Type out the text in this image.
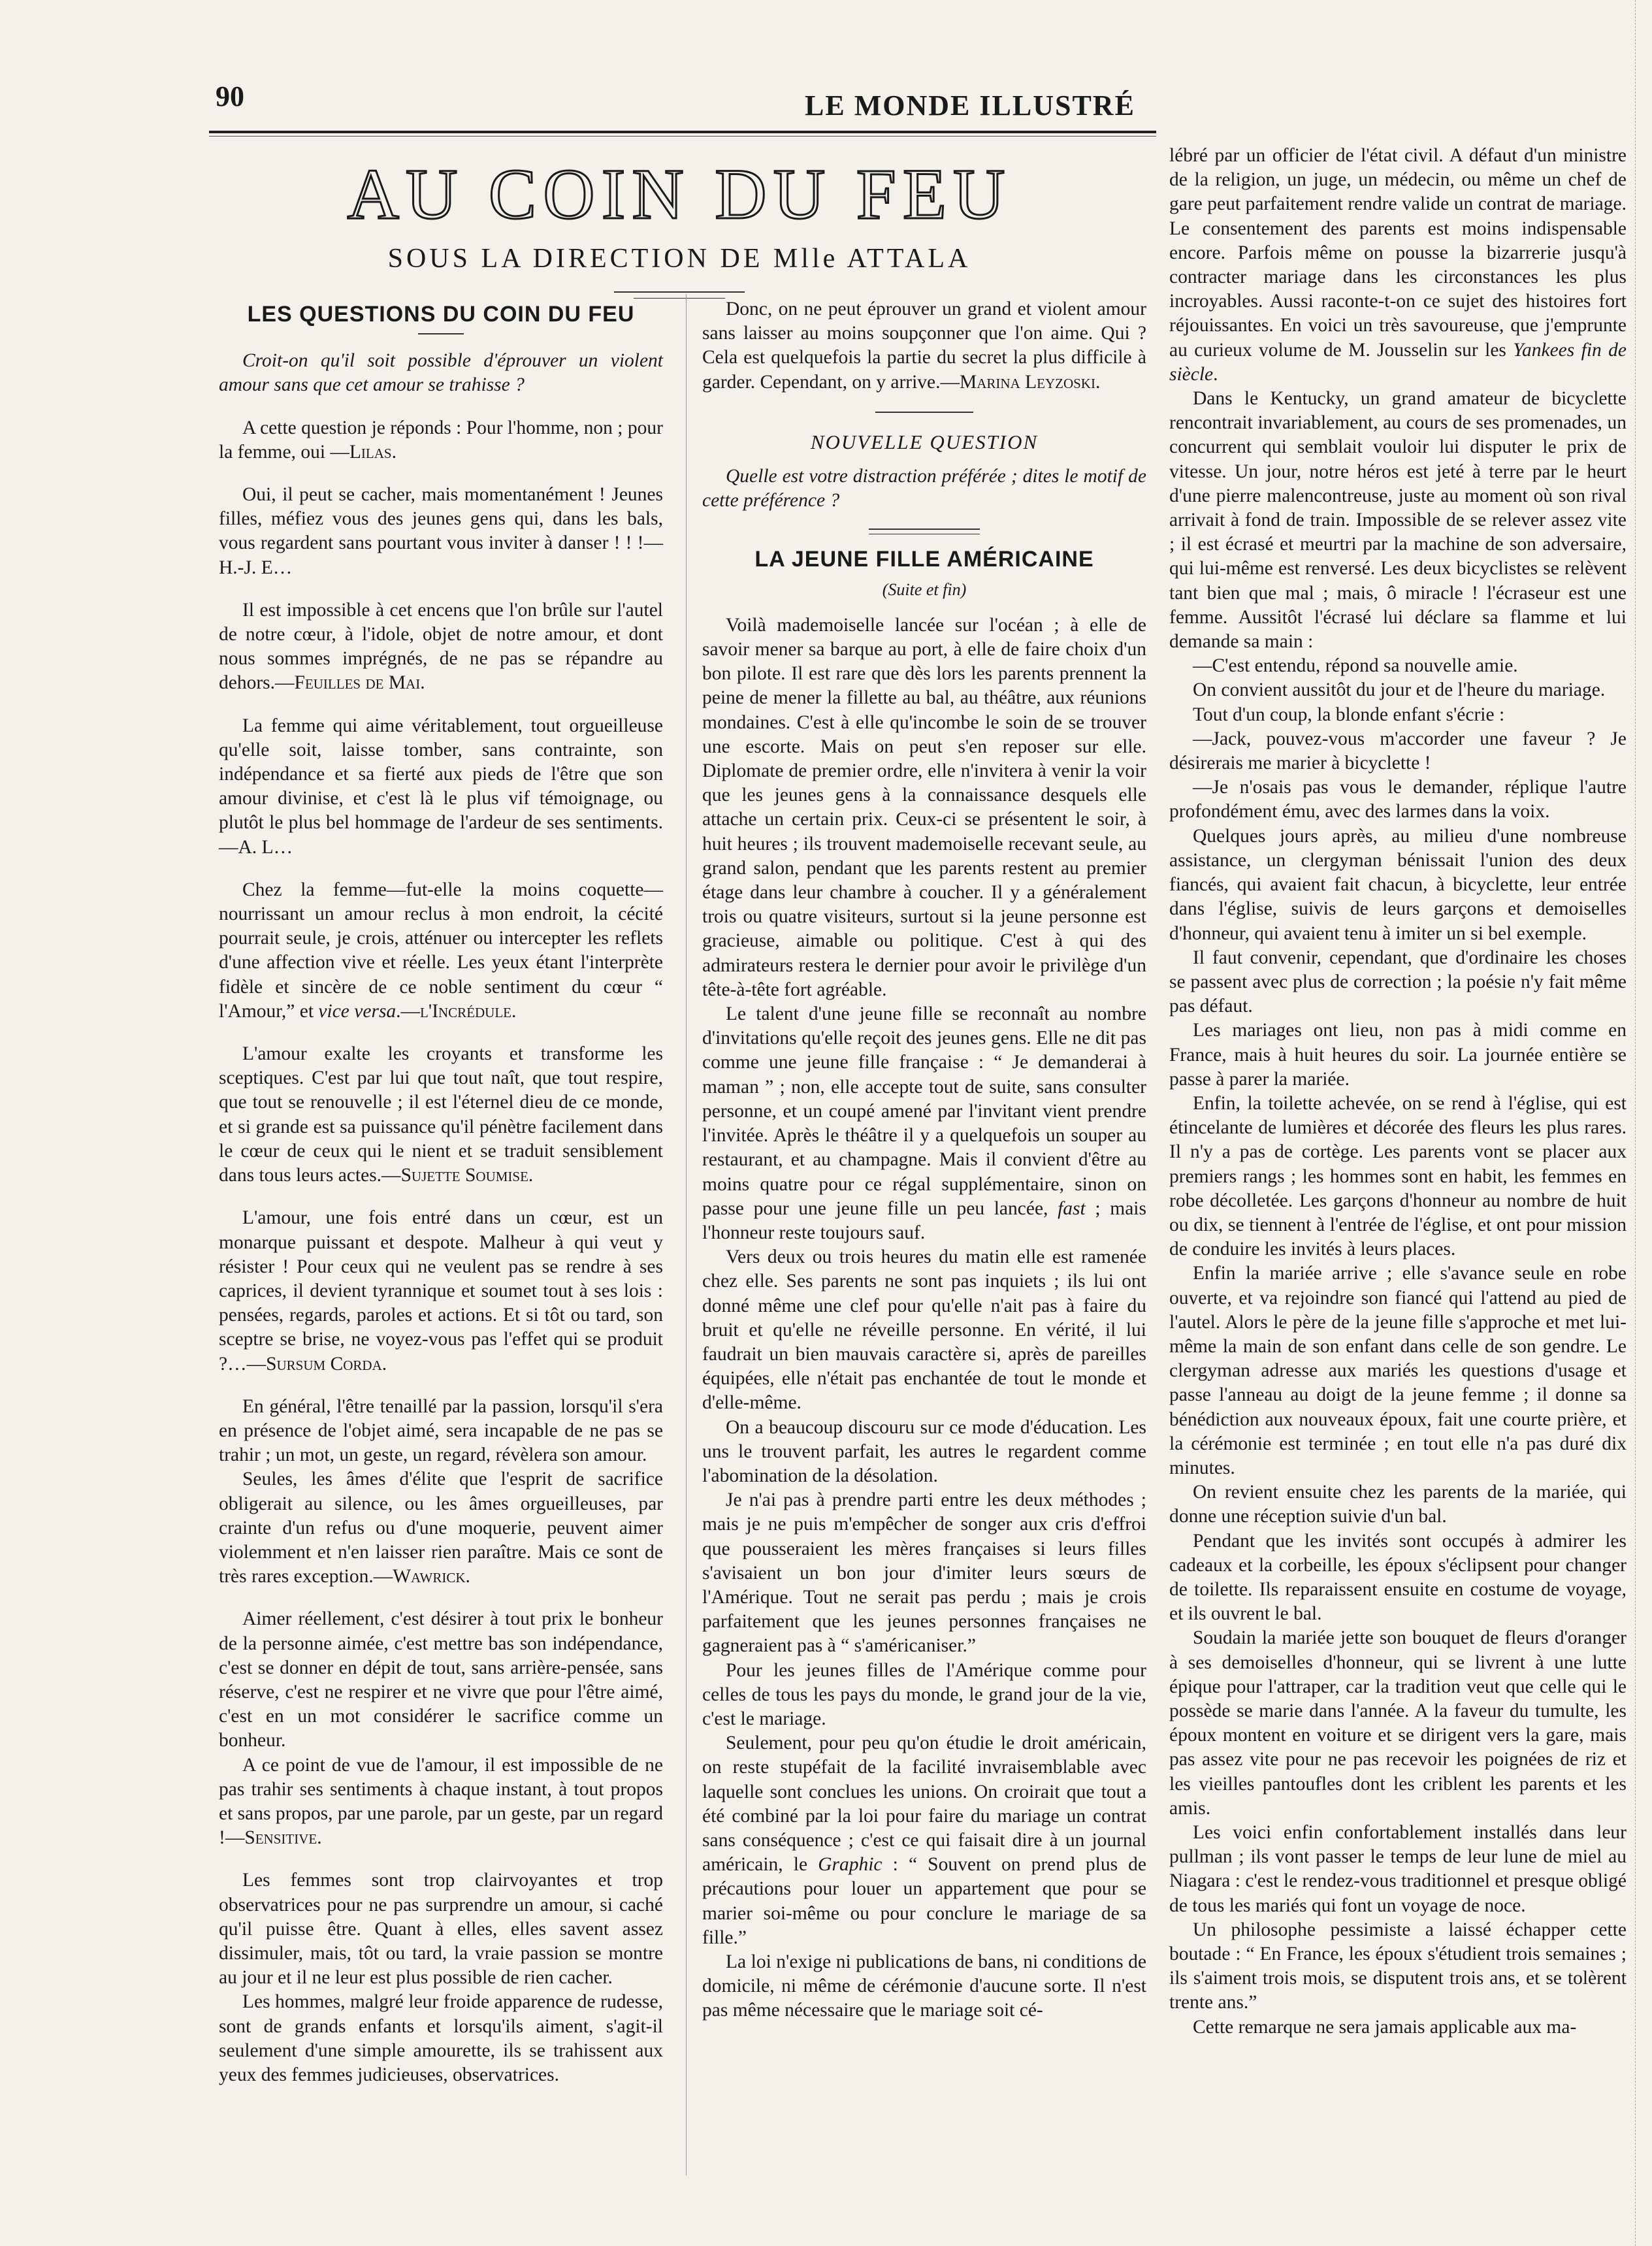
90	LE MONDE ILLUSTRÉ
AU COIN DU FEU
SOUS LA DIRECTION DE Mlle ATTALA
LES QUESTIONS DU COIN DU FEU

Croit-on qu'il soit possible d'éprouver un violent amour sans que cet amour se trahisse ?

A cette question je réponds : Pour l'homme, non ; pour la femme, oui —Lilas.

Oui, il peut se cacher, mais momentanément ! Jeunes filles, méfiez vous des jeunes gens qui, dans les bals, vous regardent sans pourtant vous inviter à danser ! ! !—H.-J. E…

Il est impossible à cet encens que l'on brûle sur l'autel de notre cœur, à l'idole, objet de notre amour, et dont nous sommes imprégnés, de ne pas se répandre au dehors.—Feuilles de Mai.

La femme qui aime véritablement, tout orgueilleuse qu'elle soit, laisse tomber, sans contrainte, son indépendance et sa fierté aux pieds de l'être que son amour divinise, et c'est là le plus vif témoignage, ou plutôt le plus bel hommage de l'ardeur de ses sentiments.—A. L…

Chez la femme—fut-elle la moins coquette—nourrissant un amour reclus à mon endroit, la cécité pourrait seule, je crois, atténuer ou intercepter les reflets d'une affection vive et réelle. Les yeux étant l'interprète fidèle et sincère de ce noble sentiment du cœur “ l'Amour,” et vice versa.—l'Incrédule.

L'amour exalte les croyants et transforme les sceptiques. C'est par lui que tout naît, que tout respire, que tout se renouvelle ; il est l'éternel dieu de ce monde, et si grande est sa puissance qu'il pénètre facilement dans le cœur de ceux qui le nient et se traduit sensiblement dans tous leurs actes.—Sujette Soumise.

L'amour, une fois entré dans un cœur, est un monarque puissant et despote. Malheur à qui veut y résister ! Pour ceux qui ne veulent pas se rendre à ses caprices, il devient tyrannique et soumet tout à ses lois : pensées, regards, paroles et actions. Et si tôt ou tard, son sceptre se brise, ne voyez-vous pas l'effet qui se produit ?…—Sursum Corda.

En général, l'être tenaillé par la passion, lorsqu'il s'era en présence de l'objet aimé, sera incapable de ne pas se trahir ; un mot, un geste, un regard, révèlera son amour.

Seules, les âmes d'élite que l'esprit de sacrifice obligerait au silence, ou les âmes orgueilleuses, par crainte d'un refus ou d'une moquerie, peuvent aimer violemment et n'en laisser rien paraître. Mais ce sont de très rares exception.—Wawrick.

Aimer réellement, c'est désirer à tout prix le bonheur de la personne aimée, c'est mettre bas son indépendance, c'est se donner en dépit de tout, sans arrière-pensée, sans réserve, c'est ne respirer et ne vivre que pour l'être aimé, c'est en un mot considérer le sacrifice comme un bonheur.

A ce point de vue de l'amour, il est impossible de ne pas trahir ses sentiments à chaque instant, à tout propos et sans propos, par une parole, par un geste, par un regard !—Sensitive.

Les femmes sont trop clairvoyantes et trop observatrices pour ne pas surprendre un amour, si caché qu'il puisse être. Quant à elles, elles savent assez dissimuler, mais, tôt ou tard, la vraie passion se montre au jour et il ne leur est plus possible de rien cacher.

Les hommes, malgré leur froide apparence de rudesse, sont de grands enfants et lorsqu'ils aiment, s'agit-il seulement d'une simple amourette, ils se trahissent aux yeux des femmes judicieuses, observatrices.

Donc, on ne peut éprouver un grand et violent amour sans laisser au moins soupçonner que l'on aime. Qui ? Cela est quelquefois la partie du secret la plus difficile à garder. Cependant, on y arrive.—Marina Leyzoski.

NOUVELLE QUESTION

Quelle est votre distraction préférée ; dites le motif de cette préférence ?

LA JEUNE FILLE AMÉRICAINE
(Suite et fin)

Voilà mademoiselle lancée sur l'océan ; à elle de savoir mener sa barque au port, à elle de faire choix d'un bon pilote. Il est rare que dès lors les parents prennent la peine de mener la fillette au bal, au théâtre, aux réunions mondaines. C'est à elle qu'incombe le soin de se trouver une escorte. Mais on peut s'en reposer sur elle. Diplomate de premier ordre, elle n'invitera à venir la voir que les jeunes gens à la connaissance desquels elle attache un certain prix. Ceux-ci se présentent le soir, à huit heures ; ils trouvent mademoiselle recevant seule, au grand salon, pendant que les parents restent au premier étage dans leur chambre à coucher. Il y a généralement trois ou quatre visiteurs, surtout si la jeune personne est gracieuse, aimable ou politique. C'est à qui des admirateurs restera le dernier pour avoir le privilège d'un tête-à-tête fort agréable.

Le talent d'une jeune fille se reconnaît au nombre d'invitations qu'elle reçoit des jeunes gens. Elle ne dit pas comme une jeune fille française : “ Je demanderai à maman ” ; non, elle accepte tout de suite, sans consulter personne, et un coupé amené par l'invitant vient prendre l'invitée. Après le théâtre il y a quelquefois un souper au restaurant, et au champagne. Mais il convient d'être au moins quatre pour ce régal supplémentaire, sinon on passe pour une jeune fille un peu lancée, fast ; mais l'honneur reste toujours sauf.

Vers deux ou trois heures du matin elle est ramenée chez elle. Ses parents ne sont pas inquiets ; ils lui ont donné même une clef pour qu'elle n'ait pas à faire du bruit et qu'elle ne réveille personne. En vérité, il lui faudrait un bien mauvais caractère si, après de pareilles équipées, elle n'était pas enchantée de tout le monde et d'elle-même.

On a beaucoup discouru sur ce mode d'éducation. Les uns le trouvent parfait, les autres le regardent comme l'abomination de la désolation.

Je n'ai pas à prendre parti entre les deux méthodes ; mais je ne puis m'empêcher de songer aux cris d'effroi que pousseraient les mères françaises si leurs filles s'avisaient un bon jour d'imiter leurs sœurs de l'Amérique. Tout ne serait pas perdu ; mais je crois parfaitement que les jeunes personnes françaises ne gagneraient pas à “ s'américaniser.”

Pour les jeunes filles de l'Amérique comme pour celles de tous les pays du monde, le grand jour de la vie, c'est le mariage.

Seulement, pour peu qu'on étudie le droit américain, on reste stupéfait de la facilité invraisemblable avec laquelle sont conclues les unions. On croirait que tout a été combiné par la loi pour faire du mariage un contrat sans conséquence ; c'est ce qui faisait dire à un journal américain, le Graphic : “ Souvent on prend plus de précautions pour louer un appartement que pour se marier soi-même ou pour conclure le mariage de sa fille.”

La loi n'exige ni publications de bans, ni conditions de domicile, ni même de cérémonie d'aucune sorte. Il n'est pas même nécessaire que le mariage soit cé-

lébré par un officier de l'état civil. A défaut d'un ministre de la religion, un juge, un médecin, ou même un chef de gare peut parfaitement rendre valide un contrat de mariage. Le consentement des parents est moins indispensable encore. Parfois même on pousse la bizarrerie jusqu'à contracter mariage dans les circonstances les plus incroyables. Aussi raconte-t-on ce sujet des histoires fort réjouissantes. En voici un très savoureuse, que j'emprunte au curieux volume de M. Jousselin sur les Yankees fin de siècle.

Dans le Kentucky, un grand amateur de bicyclette rencontrait invariablement, au cours de ses promenades, un concurrent qui semblait vouloir lui disputer le prix de vitesse. Un jour, notre héros est jeté à terre par le heurt d'une pierre malencontreuse, juste au moment où son rival arrivait à fond de train. Impossible de se relever assez vite ; il est écrasé et meurtri par la machine de son adversaire, qui lui-même est renversé. Les deux bicyclistes se relèvent tant bien que mal ; mais, ô miracle ! l'écraseur est une femme. Aussitôt l'écrasé lui déclare sa flamme et lui demande sa main :

—C'est entendu, répond sa nouvelle amie.

On convient aussitôt du jour et de l'heure du mariage.

Tout d'un coup, la blonde enfant s'écrie :

—Jack, pouvez-vous m'accorder une faveur ? Je désirerais me marier à bicyclette !

—Je n'osais pas vous le demander, réplique l'autre profondément ému, avec des larmes dans la voix.

Quelques jours après, au milieu d'une nombreuse assistance, un clergyman bénissait l'union des deux fiancés, qui avaient fait chacun, à bicyclette, leur entrée dans l'église, suivis de leurs garçons et demoiselles d'honneur, qui avaient tenu à imiter un si bel exemple.

Il faut convenir, cependant, que d'ordinaire les choses se passent avec plus de correction ; la poésie n'y fait même pas défaut.

Les mariages ont lieu, non pas à midi comme en France, mais à huit heures du soir. La journée entière se passe à parer la mariée.

Enfin, la toilette achevée, on se rend à l'église, qui est étincelante de lumières et décorée des fleurs les plus rares. Il n'y a pas de cortège. Les parents vont se placer aux premiers rangs ; les hommes sont en habit, les femmes en robe décolletée. Les garçons d'honneur au nombre de huit ou dix, se tiennent à l'entrée de l'église, et ont pour mission de conduire les invités à leurs places.

Enfin la mariée arrive ; elle s'avance seule en robe ouverte, et va rejoindre son fiancé qui l'attend au pied de l'autel. Alors le père de la jeune fille s'approche et met lui-même la main de son enfant dans celle de son gendre. Le clergyman adresse aux mariés les questions d'usage et passe l'anneau au doigt de la jeune femme ; il donne sa bénédiction aux nouveaux époux, fait une courte prière, et la cérémonie est terminée ; en tout elle n'a pas duré dix minutes.

On revient ensuite chez les parents de la mariée, qui donne une réception suivie d'un bal.

Pendant que les invités sont occupés à admirer les cadeaux et la corbeille, les époux s'éclipsent pour changer de toilette. Ils reparaissent ensuite en costume de voyage, et ils ouvrent le bal.

Soudain la mariée jette son bouquet de fleurs d'oranger à ses demoiselles d'honneur, qui se livrent à une lutte épique pour l'attraper, car la tradition veut que celle qui le possède se marie dans l'année. A la faveur du tumulte, les époux montent en voiture et se dirigent vers la gare, mais pas assez vite pour ne pas recevoir les poignées de riz et les vieilles pantoufles dont les criblent les parents et les amis.

Les voici enfin confortablement installés dans leur pullman ; ils vont passer le temps de leur lune de miel au Niagara : c'est le rendez-vous traditionnel et presque obligé de tous les mariés qui font un voyage de noce.

Un philosophe pessimiste a laissé échapper cette boutade : “ En France, les époux s'étudient trois semaines ; ils s'aiment trois mois, se disputent trois ans, et se tolèrent trente ans.”

Cette remarque ne sera jamais applicable aux ma-
